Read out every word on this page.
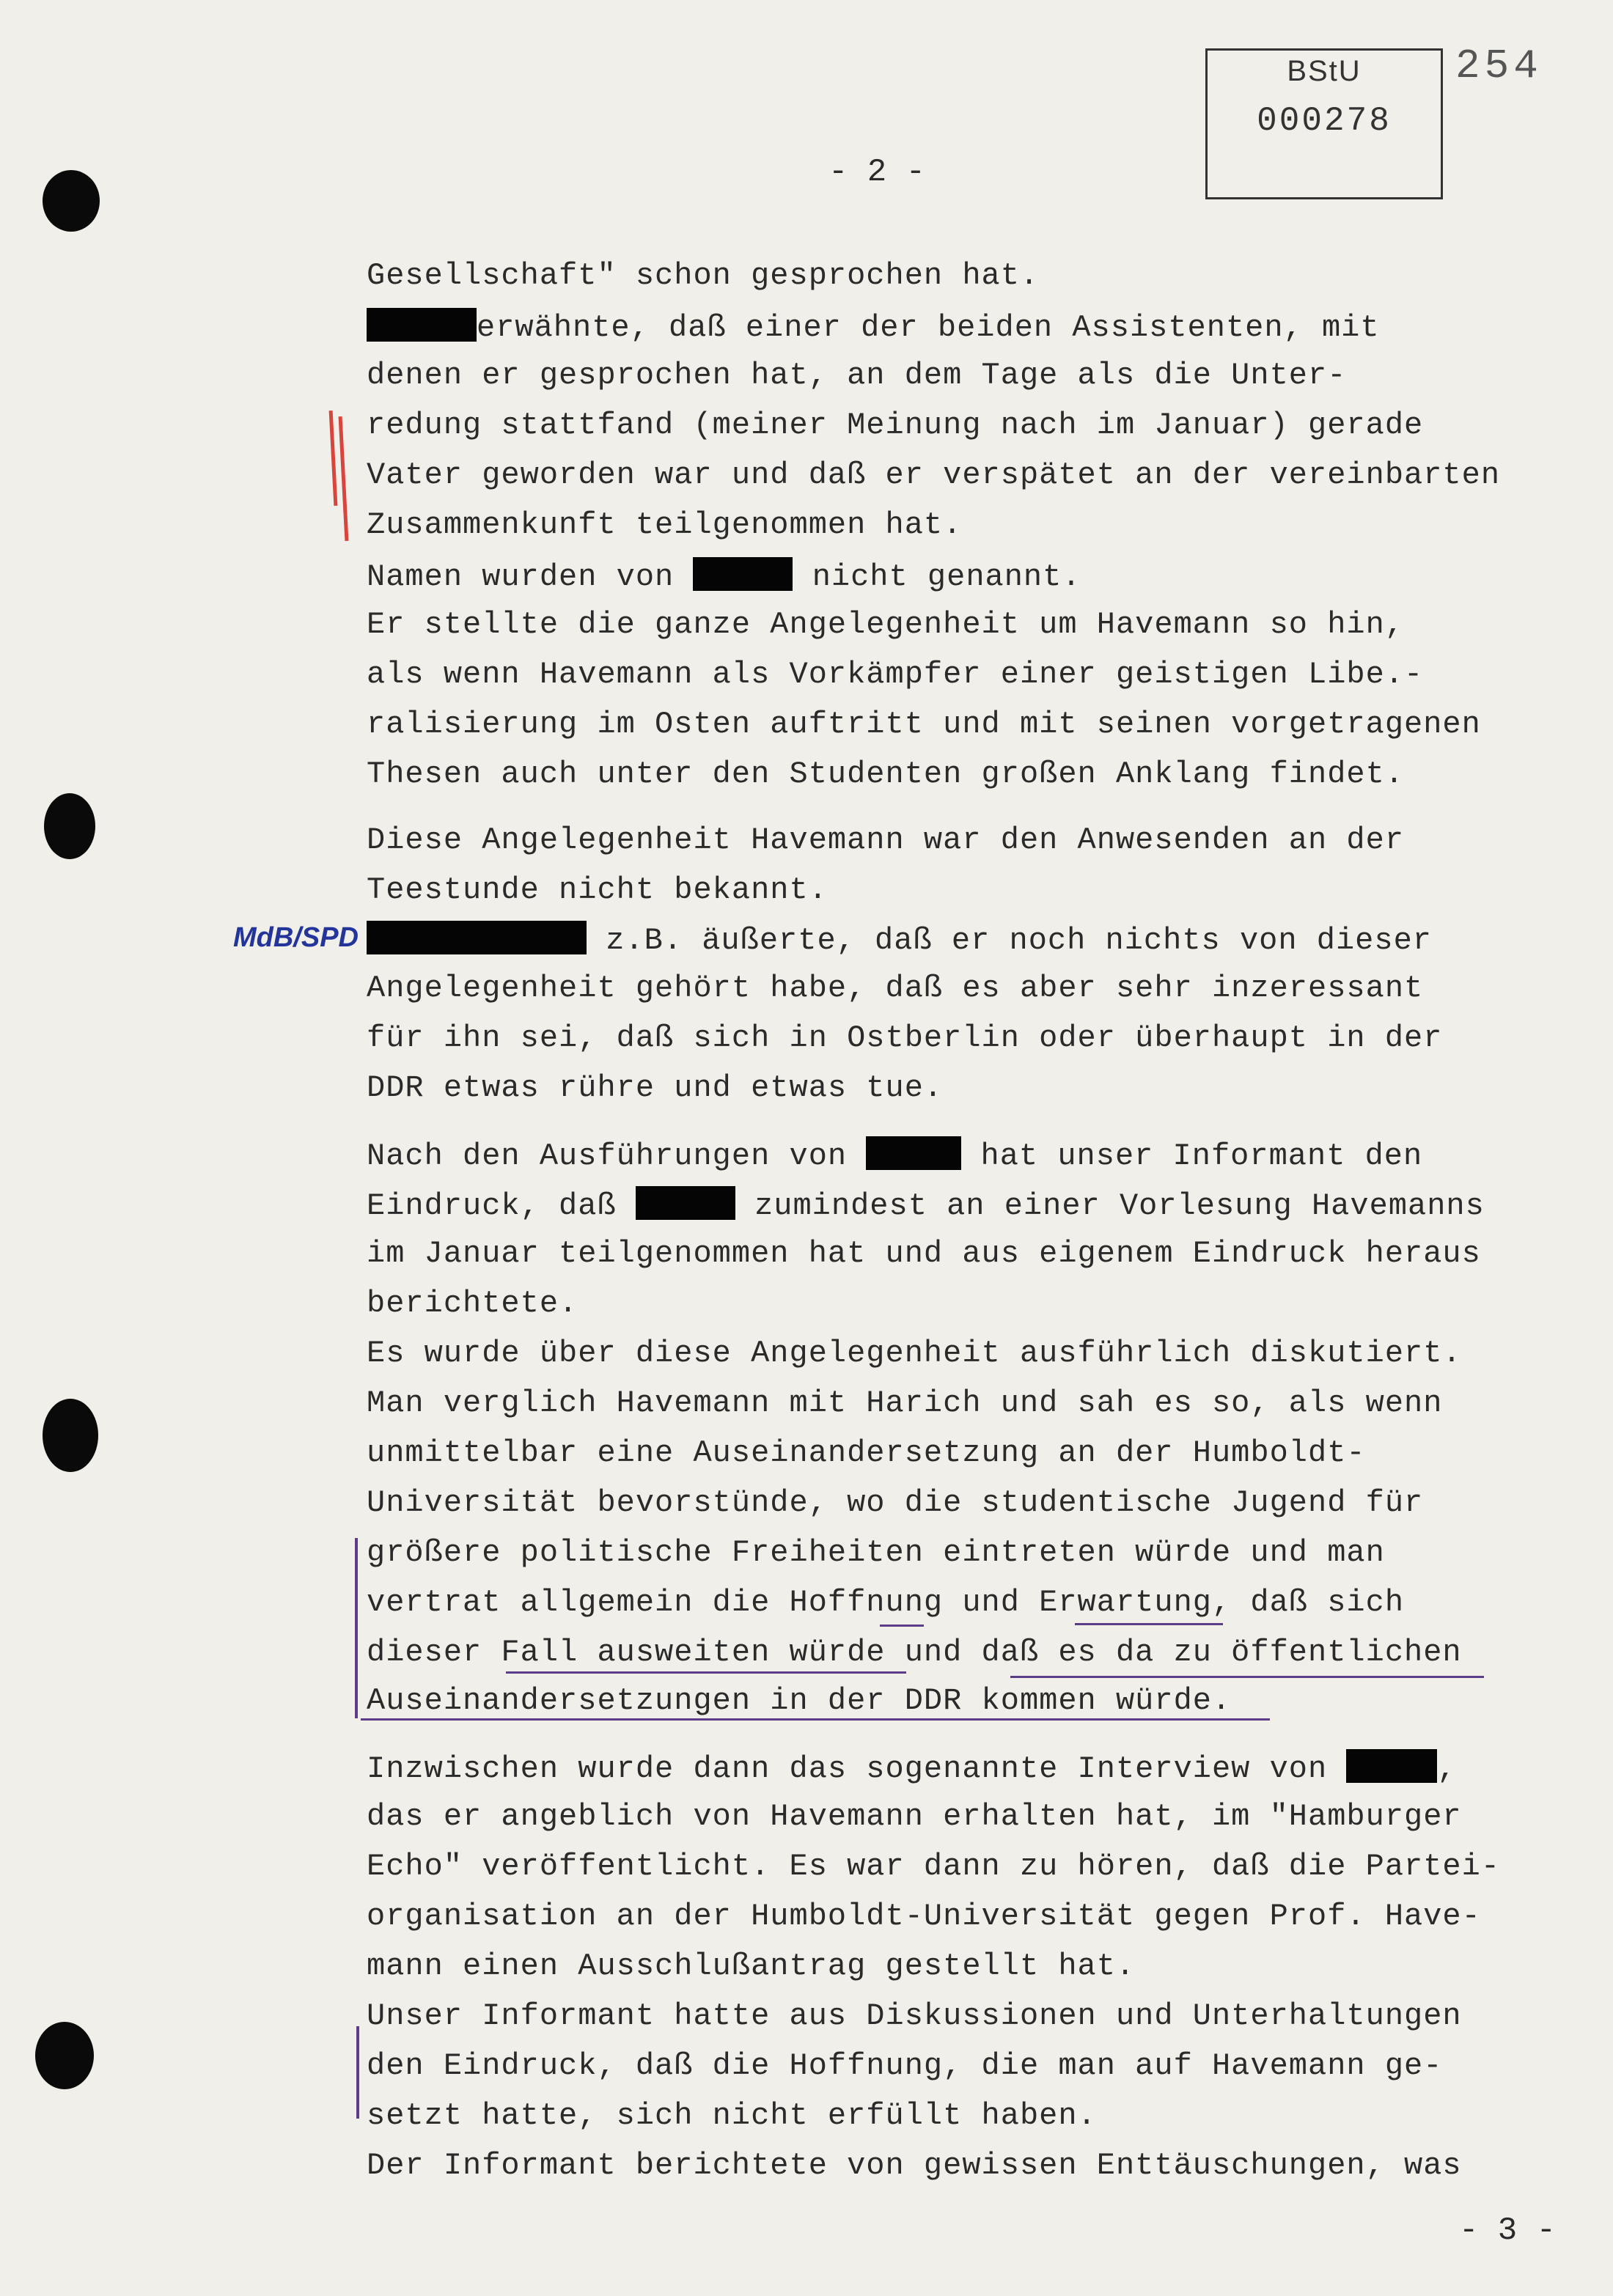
BStU
000278
254
- 2 -
MdB/SPD
Gesellschaft" schon gesprochen hat.
erwähnte, daß einer der beiden Assistenten, mit
denen er gesprochen hat, an dem Tage als die Unter-
redung stattfand (meiner Meinung nach im Januar) gerade
Vater geworden war und daß er verspätet an der vereinbarten
Zusammenkunft teilgenommen hat.
Namen wurden von	nicht genannt.
Er stellte die ganze Angelegenheit um Havemann so hin,
als wenn Havemann als Vorkämpfer einer geistigen Libe.-
ralisierung im Osten auftritt und mit seinen vorgetragenen
Thesen auch unter den Studenten großen Anklang findet.
Diese Angelegenheit Havemann war den Anwesenden an der
Teestunde nicht bekannt.
z.B. äußerte, daß er noch nichts von dieser
Angelegenheit gehört habe, daß es aber sehr inzeressant
für ihn sei, daß sich in Ostberlin oder überhaupt in der
DDR etwas rühre und etwas tue.
Nach den Ausführungen von	hat unser Informant den
Eindruck, daß	zumindest an einer Vorlesung Havemanns
im Januar teilgenommen hat und aus eigenem Eindruck heraus
berichtete.
Es wurde über diese Angelegenheit ausführlich diskutiert.
Man verglich Havemann mit Harich und sah es so, als wenn
unmittelbar eine Auseinandersetzung an der Humboldt-
Universität bevorstünde, wo die studentische Jugend für
größere politische Freiheiten eintreten würde und man
vertrat allgemein die Hoffnung und Erwartung, daß sich
dieser Fall ausweiten würde und daß es da zu öffentlichen
Auseinandersetzungen in der DDR kommen würde.
Inzwischen wurde dann das sogenannte Interview von	,
das er angeblich von Havemann erhalten hat, im "Hamburger
Echo" veröffentlicht. Es war dann zu hören, daß die Partei-
organisation an der Humboldt-Universität gegen Prof. Have-
mann einen Ausschlußantrag gestellt hat.
Unser Informant hatte aus Diskussionen und Unterhaltungen
den Eindruck, daß die Hoffnung, die man auf Havemann ge-
setzt hatte, sich nicht erfüllt haben.
Der Informant berichtete von gewissen Enttäuschungen, was
- 3 -
